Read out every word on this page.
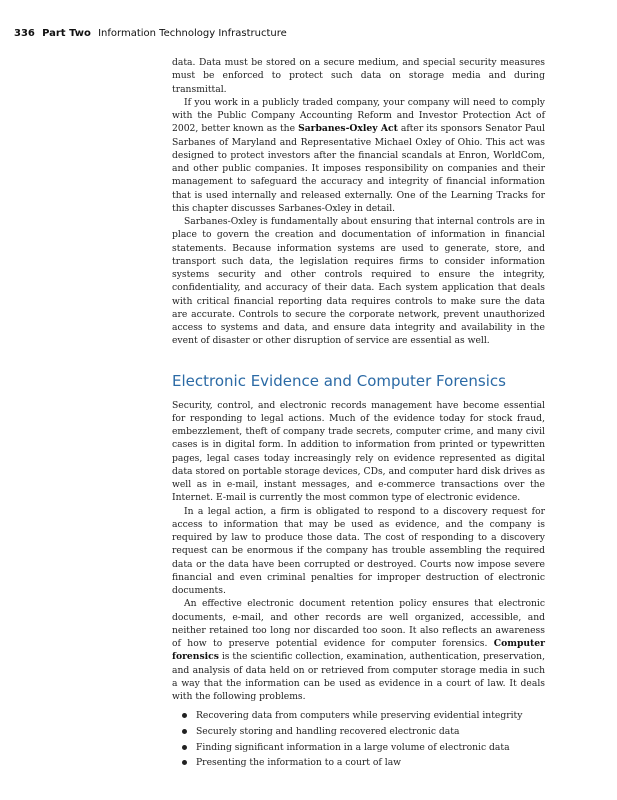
336 Part Two Information Technology Infrastructure

data. Data must be stored on a secure medium, and special security measures must be enforced to protect such data on storage media and during transmittal.

If you work in a publicly traded company, your company will need to comply with the Public Company Accounting Reform and Investor Protection Act of 2002, better known as the Sarbanes-Oxley Act after its sponsors Senator Paul Sarbanes of Maryland and Representative Michael Oxley of Ohio. This act was designed to protect investors after the financial scandals at Enron, WorldCom, and other public companies. It imposes responsibility on companies and their management to safeguard the accuracy and integrity of financial information that is used internally and released externally. One of the Learning Tracks for this chapter discusses Sarbanes-Oxley in detail.

Sarbanes-Oxley is fundamentally about ensuring that internal controls are in place to govern the creation and documentation of information in financial statements. Because information systems are used to generate, store, and transport such data, the legislation requires firms to consider information systems security and other controls required to ensure the integrity, confidentiality, and accuracy of their data. Each system application that deals with critical financial reporting data requires controls to make sure the data are accurate. Controls to secure the corporate network, prevent unauthorized access to systems and data, and ensure data integrity and availability in the event of disaster or other disruption of service are essential as well.

Electronic Evidence and Computer Forensics

Security, control, and electronic records management have become essential for responding to legal actions. Much of the evidence today for stock fraud, embezzlement, theft of company trade secrets, computer crime, and many civil cases is in digital form. In addition to information from printed or typewritten pages, legal cases today increasingly rely on evidence represented as digital data stored on portable storage devices, CDs, and computer hard disk drives as well as in e-mail, instant messages, and e-commerce transactions over the Internet. E-mail is currently the most common type of electronic evidence.

In a legal action, a firm is obligated to respond to a discovery request for access to information that may be used as evidence, and the company is required by law to produce those data. The cost of responding to a discovery request can be enormous if the company has trouble assembling the required data or the data have been corrupted or destroyed. Courts now impose severe financial and even criminal penalties for improper destruction of electronic documents.

An effective electronic document retention policy ensures that electronic documents, e-mail, and other records are well organized, accessible, and neither retained too long nor discarded too soon. It also reflects an awareness of how to preserve potential evidence for computer forensics. Computer forensics is the scientific collection, examination, authentication, preservation, and analysis of data held on or retrieved from computer storage media in such a way that the information can be used as evidence in a court of law. It deals with the following problems.

Recovering data from computers while preserving evidential integrity
Securely storing and handling recovered electronic data
Finding significant information in a large volume of electronic data
Presenting the information to a court of law
